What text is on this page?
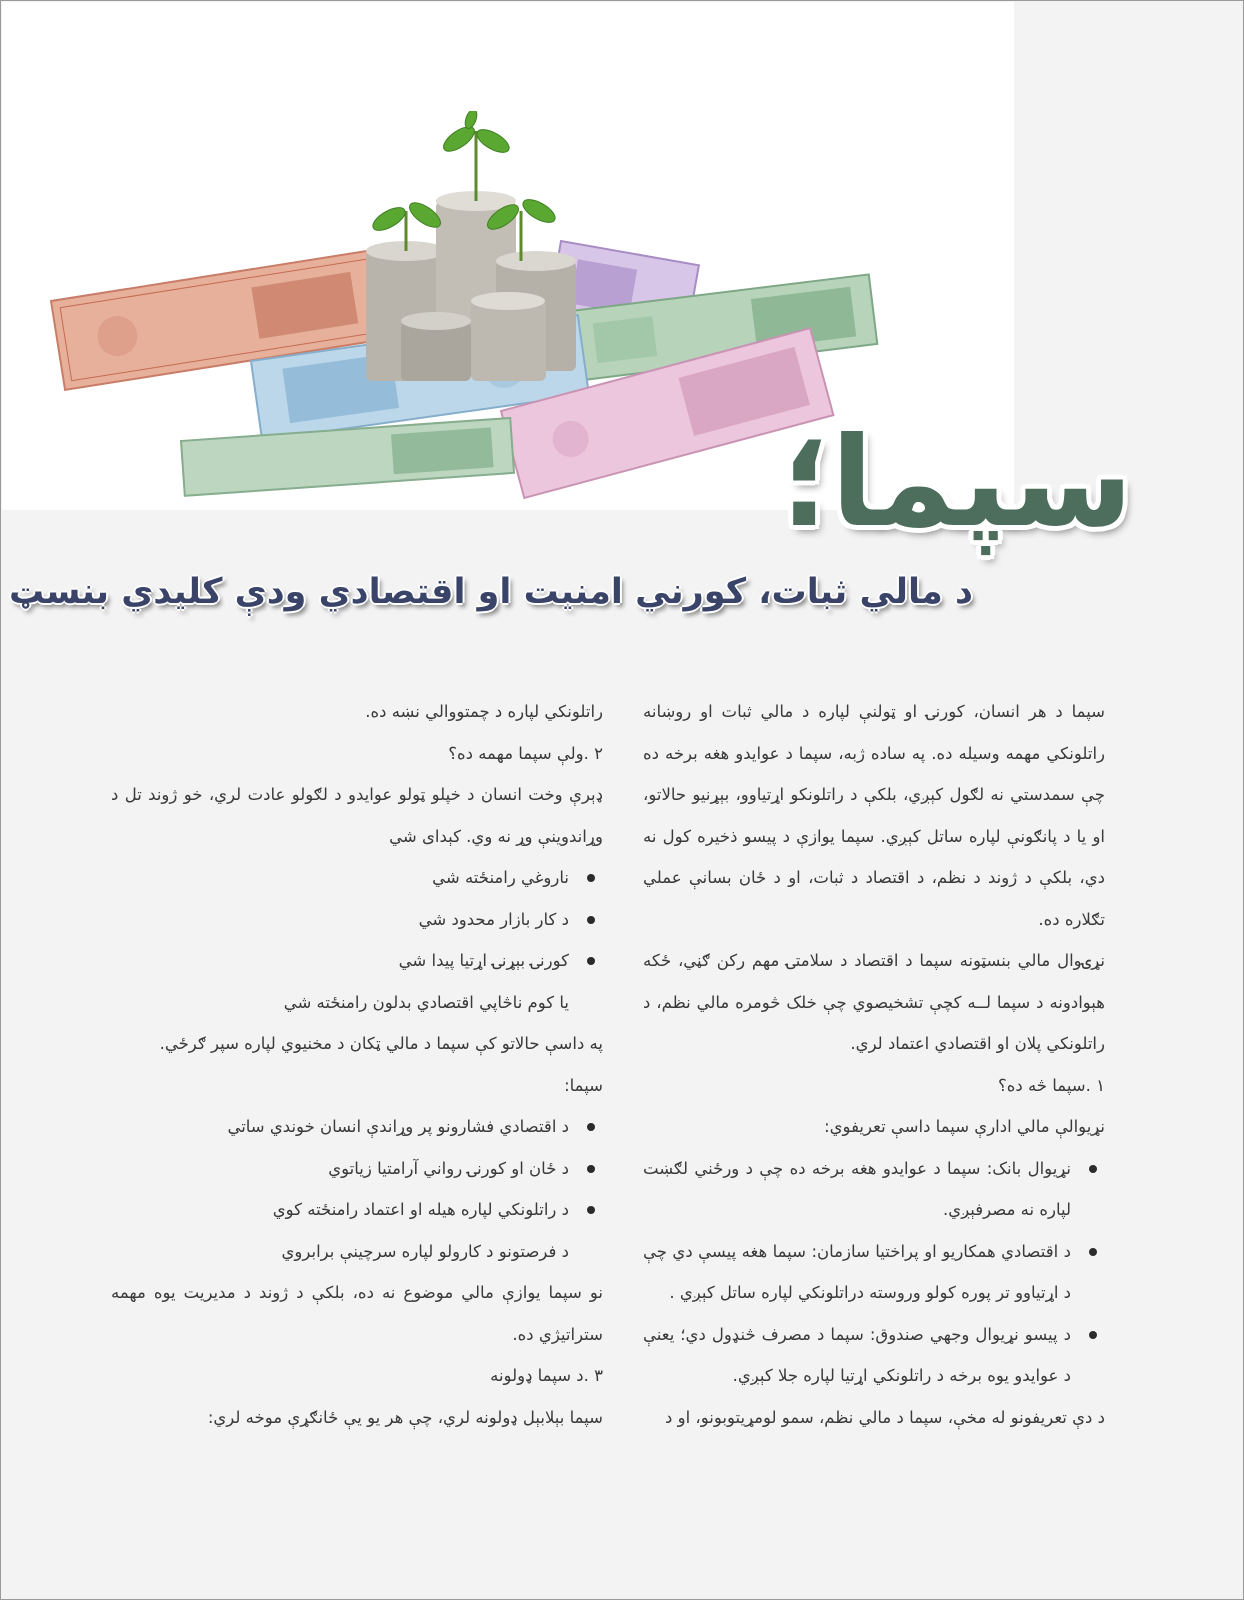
سپما؛
د مالي ثبات، کورني امنیت او اقتصادي ودې کلیدي بنسټ

سپما د هر انسان، کورنۍ او ټولنې لپاره د مالي ثبات او روښانه راتلونکي مهمه وسیله ده. په ساده ژبه، سپما د عوایدو هغه برخه ده چې سمدستي نه لګول کېږي، بلکې د راتلونکو اړتیاوو، بېړنیو حالاتو، او یا د پانګونې لپاره ساتل کېږي. سپما یوازې د پیسو ذخیره کول نه دي، بلکې د ژوند د نظم، د اقتصاد د ثبات، او د ځان بسانې عملي تګلاره ده.

نړۍوال مالي بنسټونه سپما د اقتصاد د سلامتۍ مهم رکن ګڼي، ځکه هېوادونه د سپما لــه کچې تشخیصوي چې خلک څومره مالي نظم، د راتلونکي پلان او اقتصادي اعتماد لري.

۱ .سپما څه ده؟

نړیوالې مالي ادارې سپما داسې تعریفوي:

نړیوال بانک: سپما د عوایدو هغه برخه ده چې د ورځني لګښت لپاره نه مصرفېږي.
د اقتصادي همکاریو او پراختیا سازمان: سپما هغه پیسې دي چې د اړتیاوو تر پوره کولو وروسته دراتلونکي لپاره ساتل کېږي .
د پیسو نړیوال وجهي صندوق: سپما د مصرف څنډول دي؛ یعنې د عوایدو یوه برخه د راتلونکي اړتیا لپاره جلا کېږي.

د دې تعریفونو له مخې، سپما د مالي نظم، سمو لومړیتوبونو، او د

راتلونکي لپاره د چمتووالي نښه ده.

۲ .ولې سپما مهمه ده؟

ډېرې وخت انسان د خپلو ټولو عوایدو د لګولو عادت لري، خو ژوند تل د وړاندوینې وړ نه وي. کېدای شي

ناروغي رامنځته شي
د کار بازار محدود شي
کورنۍ بېړنۍ اړتیا پیدا شي

یا کوم ناڅاپي اقتصادي بدلون رامنځته شي

په داسې حالاتو کې سپما د مالي ټکان د مخنیوي لپاره سپر ګرځي.

سپما:

د اقتصادي فشارونو پر وړاندې انسان خوندي ساتي
د ځان او کورنۍ رواني آرامتیا زیاتوي
د راتلونکي لپاره هیله او اعتماد رامنځته کوي

د فرصتونو د کارولو لپاره سرچینې برابروي

نو سپما یوازې مالي موضوع نه ده، بلکې د ژوند د مدیریت یوه مهمه ستراتیژي ده.

۳ .د سپما ډولونه

سپما بېلابېل ډولونه لري، چې هر یو یې ځانګړې موخه لري:
